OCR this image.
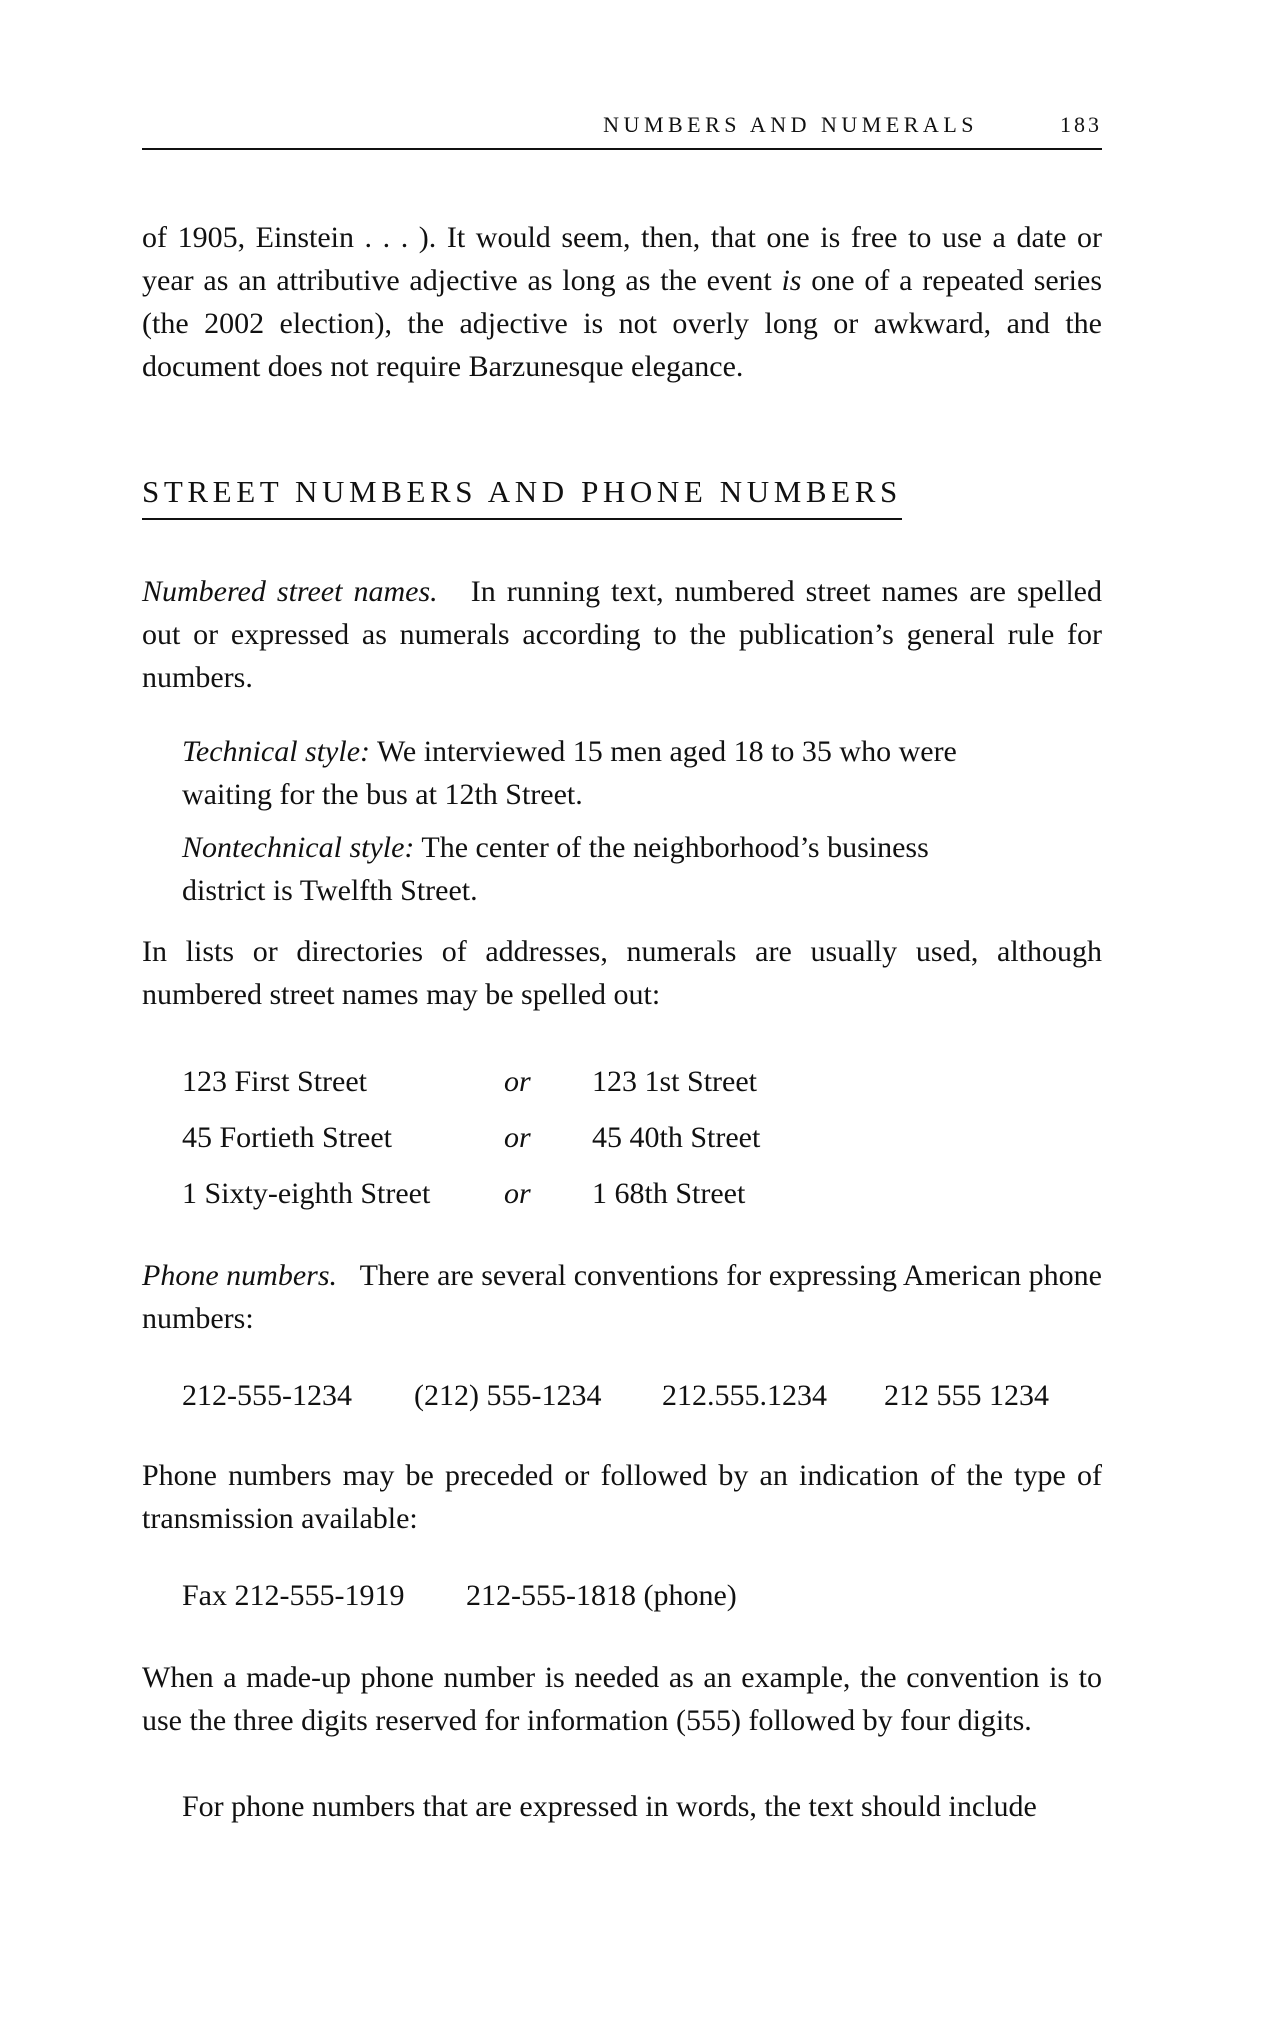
NUMBERS AND NUMERALS	183

of 1905, Einstein . . . ). It would seem, then, that one is free to use a date or year as an attributive adjective as long as the event is one of a repeated series (the 2002 election), the adjective is not overly long or awkward, and the document does not require Barzunesque elegance.

STREET NUMBERS AND PHONE NUMBERS

Numbered street names. In running text, numbered street names are spelled out or expressed as numerals according to the publication’s general rule for numbers.

Technical style: We interviewed 15 men aged 18 to 35 who were waiting for the bus at 12th Street.

Nontechnical style: The center of the neighborhood’s business district is Twelfth Street.

In lists or directories of addresses, numerals are usually used, although numbered street names may be spelled out:

123 First Street	or 123 1st Street
45 Fortieth Street	or 45 40th Street
1 Sixty-eighth Street or 1 68th Street

Phone numbers. There are several conventions for expressing American phone numbers:

212-555-1234 (212) 555-1234 212.555.1234 212 555 1234

Phone numbers may be preceded or followed by an indication of the type of transmission available:

Fax 212-555-1919 212-555-1818 (phone)

When a made-up phone number is needed as an example, the convention is to use the three digits reserved for information (555) followed by four digits.

For phone numbers that are expressed in words, the text should include
